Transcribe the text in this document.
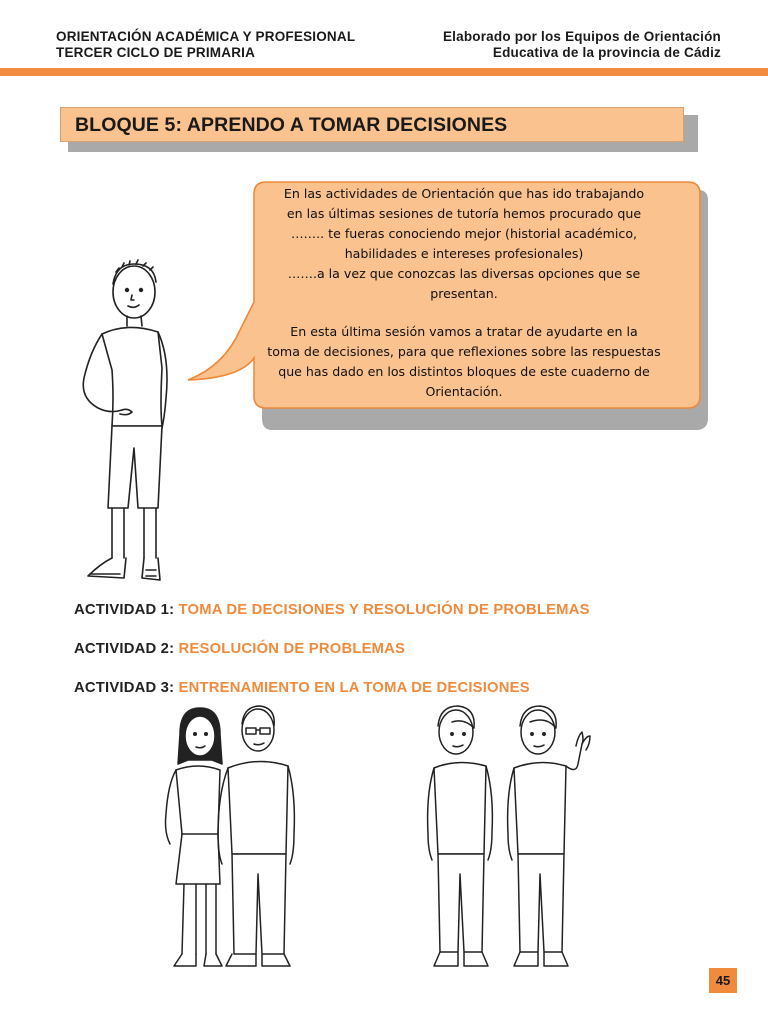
ORIENTACIÓN ACADÉMICA Y PROFESIONAL
TERCER CICLO DE PRIMARIA
Elaborado por los Equipos de Orientación
Educativa de la provincia de Cádiz
BLOQUE 5: APRENDO A TOMAR DECISIONES

En las actividades de Orientación que has ido trabajando

en las últimas sesiones de tutoría hemos procurado que

…….. te fueras conociendo mejor (historial académico,

habilidades e intereses profesionales)

…….a la vez que conozcas las diversas opciones que se

presentan.

En esta última sesión vamos a tratar de ayudarte en la

toma de decisiones, para que reflexiones sobre las respuestas

que has dado en los distintos bloques de este cuaderno de

Orientación.

ACTIVIDAD 1: TOMA DE DECISIONES Y RESOLUCIÓN DE PROBLEMAS
ACTIVIDAD 2: RESOLUCIÓN DE PROBLEMAS
ACTIVIDAD 3: ENTRENAMIENTO EN LA TOMA DE DECISIONES
45
